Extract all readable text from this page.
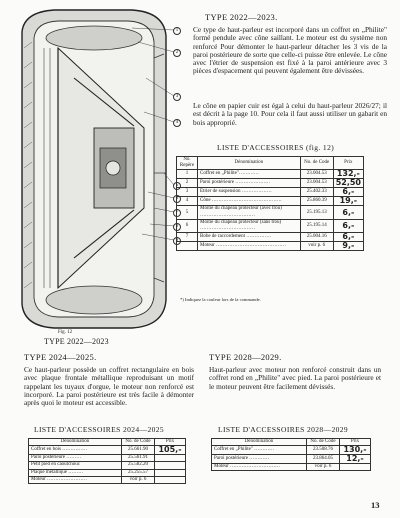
1
2
3
4
5
6
7
8
9
Fig. 12
TYPE 2022—2023
TYPE 2022—2023.
Ce type de haut-parleur est incorporé dans un coffret en „Philite" formé pendule avec cône saillant. Le moteur est du système non renforcé Pour démonter le haut-parleur détacher les 3 vis de la paroi postérieure de sorte que celle-ci puisse être enlevée. Le cône avec l'étrier de suspension est fixé à la paroi antérieure avec 3 pièces d'espacement qui peuvent également être dévissées.
Le cône en papier cuir est égal à celui du haut-parleur 2026/27; il est décrit à la page 10. Pour cela il faut aussi utiliser un gabarit en bois approprié.
LISTE D'ACCESSOIRES (fig. 12)
No. Repère	Dénomination	No. de Code	Prix
1	Coffret en „Philite"…………	23.004.53	132,-
2	Paroi postérieure …………………	23.004.53	52,50
3	Etrier de suspension ………………	25.402.33	6,-
4	Cône ……………………………………	25.860.39	19,-
5	Moitié du chapeau protecteur (avec trou) ……………………………	25.195.13	6,-
6	Moitié du chapeau protecteur (sans trou) ……………………………	25.195.14	6,-
7	Bobe de raccordement ……………	25.004.16	6,-
	Moteur ……………………………………	voir p. 6	9,-
*) Indiquez la couleur lors de la commande.
TYPE 2024—2025.
Ce haut-parleur possède un coffret rectangulaire en bois avec plaque frontale métallique reproduisant un motif rappelant les tuyaux d'orgue, le moteur non renforcé est incorporé. La paroi postérieure est très facile à démonter après quoi le moteur est accessible.
LISTE D'ACCESSOIRES 2024—2025
Dénomination	No. de Code	Prix
Coffret en bois ……………	25.661.90	105,-
Paroi postérieure ………	25.561.91	
Petit pied en caoutchouc	25.582.20	
Plaque métallique ………	25.255.57	
Moteur ……………………	voir p. 6	
TYPE 2028—2029.
Haut-parleur avec moteur non renforcé construit dans un coffret rond en „Philite" avec pied. La paroi postérieure et le moteur peuvent être facilement dévissés.
LISTE D'ACCESSOIRES 2028—2029
Dénomination	No. de Code	Prix
Coffret en „Philite" …………	23.508.76	130,-
Paroi postérieure …………	23.864.05	12,-
Moteur …………………………	voir p. 6	
13
